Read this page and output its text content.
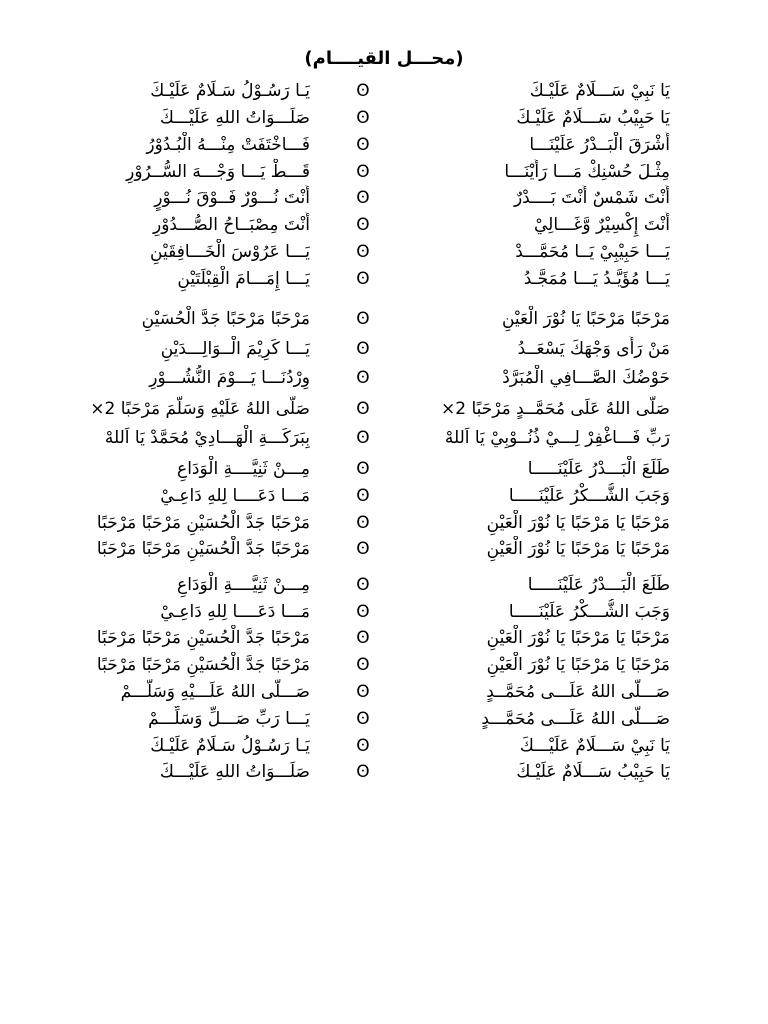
(محـــل القيــــام)
يَا نَبِيْ سَـــلَامٌ عَلَيْـكَ
ʘ
يَـا رَسُـوْلُ سَـلَامٌ عَلَيْـكَ
يَا حَبِيْبُ سَـــلَامٌ عَلَيْـكَ
ʘ
صَلَـــوَاتُ اللهِ عَلَيْـــكَ
أَشْرَقَ الْبَــدْرُ عَلَيْنَـــا
ʘ
فَـــاخْتَفَتْ مِنْـــهُ الْبُـدُوْرُ
مِثْـلَ حُسْنِكْ مَـــا رَأَيْنَـــا
ʘ
قَـــطْ يَـــا وَجْـــهَ السُّــرُوْرِ
أَنْتَ شَمْسٌ أَنْتَ بَــــدْرٌ
ʘ
أَنْتَ نُـــوْرٌ فَــوْقَ نُـــوْرٍ
أَنْتَ إِكْسِيْرٌ وَّغَـــالِيْ
ʘ
أَنْتَ مِصْبَــاحُ الصُّـــدُوْرِ
يَـــا حَبِيْبِيْ يَــا مُحَمَّـــدْ
ʘ
يَـــا عَرُوْسَ الْخَـــافِقَيْنِ
يَـــا مُؤَيَّـدُ يَـــا مُمَجَّـدُ
ʘ
يَـــا إِمَـــامَ الْقِبْلَتَيْنِ
مَرْحَبًا مَرْحَبًا يَا نُوْرَ الْعَيْنِ
ʘ
مَرْحَبًا مَرْحَبًا جَدَّ الْحُسَيْنِ
مَنْ رَأَى وَجْهَكَ يَسْعَــدُ
ʘ
يَـــا كَرِيْمَ الْــوَالِـــدَيْنِ
حَوْضُكَ الصَّـــافِي الْمُبَرَّدْ
ʘ
وِرْدُنَـــا يَـــوْمَ النُّشُـــوْرِ
صَلَّى اللهُ عَلَى مُحَمَّــدٍ مَرْحَبًا 2×
ʘ
صَلَّى اللهُ عَلَيْهِ وَسَلَّمَ مَرْحَبًا 2×
رَبِّ فَـــاغْفِرْ لِـــيْ ذُنُــوْبِيْ يَا اَللهْ
ʘ
بِبَرَكَـــةِ الْهَـــادِيْ مُحَمَّدْ يَا اَللهْ
طَلَعَ الْبَـــدْرُ عَلَيْنَـــــا
ʘ
مِـــنْ ثَنِيَّــــةِ الْوَدَاعِ
وَجَبَ الشُّـــكْرُ عَلَيْنَـــــا
ʘ
مَـــا دَعَــــا لِلهِ دَاعِـيْ
مَرْحَبًا يَا مَرْحَبًا يَا نُوْرَ الْعَيْنِ
ʘ
مَرْحَبًا جَدَّ الْحُسَيْنِ مَرْحَبًا مَرْحَبًا
مَرْحَبًا يَا مَرْحَبًا يَا نُوْرَ الْعَيْنِ
ʘ
مَرْحَبًا جَدَّ الْحُسَيْنِ مَرْحَبًا مَرْحَبًا
طَلَعَ الْبَـــدْرُ عَلَيْنَـــــا
ʘ
مِـــنْ ثَنِيَّــــةِ الْوَدَاعِ
وَجَبَ الشُّـــكْرُ عَلَيْنَـــــا
ʘ
مَـــا دَعَــــا لِلهِ دَاعِـيْ
مَرْحَبًا يَا مَرْحَبًا يَا نُوْرَ الْعَيْنِ
ʘ
مَرْحَبًا جَدَّ الْحُسَيْنِ مَرْحَبًا مَرْحَبًا
مَرْحَبًا يَا مَرْحَبًا يَا نُوْرَ الْعَيْنِ
ʘ
مَرْحَبًا جَدَّ الْحُسَيْنِ مَرْحَبًا مَرْحَبًا
صَـــلَّى اللهُ عَلَـــى مُحَمَّــدٍ
ʘ
صَـــلَّى اللهُ عَلَـــيْهِ وَسَلَّـــمْ
صَـــلَّى اللهُ عَلَـــى مُحَمَّـــدٍ
ʘ
يَـــا رَبِّ صَـــلِّ وَسَلِّـــمْ
يَا نَبِيْ سَـــلَامٌ عَلَيْـــكَ
ʘ
يَـا رَسُـوْلُ سَـلَامٌ عَلَيْـكَ
يَا حَبِيْبُ سَـــلَامٌ عَلَيْـكَ
ʘ
صَلَـــوَاتُ اللهِ عَلَيْـــكَ
